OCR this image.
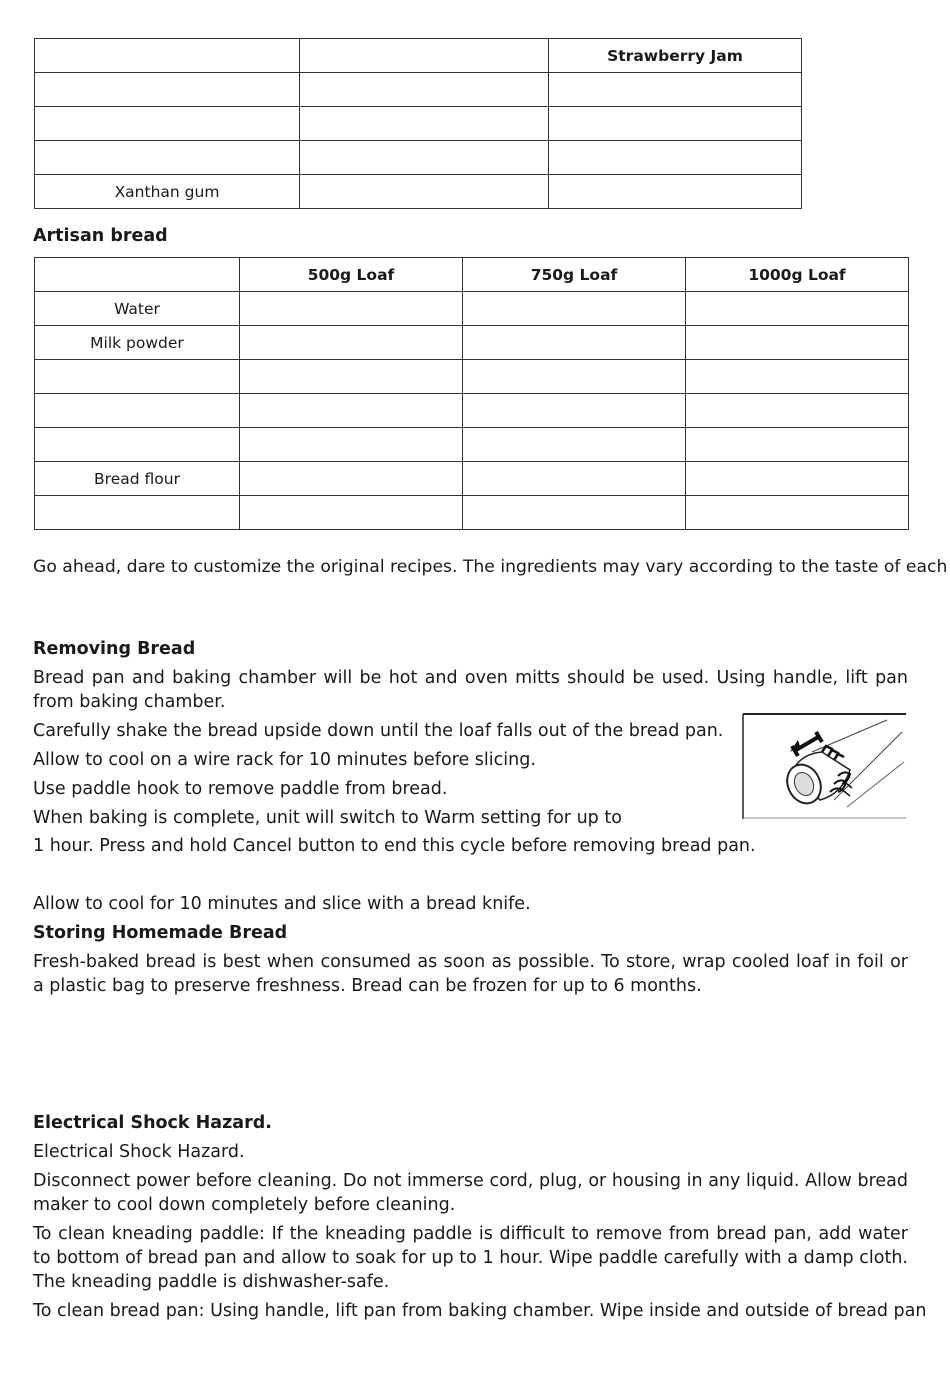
		Strawberry Jam

Xanthan gum		

Artisan bread

	500g Loaf	750g Loaf	1000g Loaf
Water			
Milk powder			

Bread flour			

Go ahead, dare to customize the original recipes. The ingredients may vary according to the taste of each

Removing Bread

Bread pan and baking chamber will be hot and oven mitts should be used. Using handle, lift pan from baking chamber.

Carefully shake the bread upside down until the loaf falls out of the bread pan.

Allow to cool on a wire rack for 10 minutes before slicing.

Use paddle hook to remove paddle from bread.

When baking is complete, unit will switch to Warm setting for up to

1 hour. Press and hold Cancel button to end this cycle before removing bread pan.

Allow to cool for 10 minutes and slice with a bread knife.

Storing Homemade Bread

Fresh-baked bread is best when consumed as soon as possible. To store, wrap cooled loaf in foil or a plastic bag to preserve freshness. Bread can be frozen for up to 6 months.

Electrical Shock Hazard.

Electrical Shock Hazard.

Disconnect power before cleaning. Do not immerse cord, plug, or housing in any liquid. Allow bread maker to cool down completely before cleaning.

To clean kneading paddle: If the kneading paddle is difficult to remove from bread pan, add water to bottom of bread pan and allow to soak for up to 1 hour. Wipe paddle carefully with a damp cloth. The kneading paddle is dishwasher-safe.

To clean bread pan: Using handle, lift pan from baking chamber. Wipe inside and outside of bread pan
